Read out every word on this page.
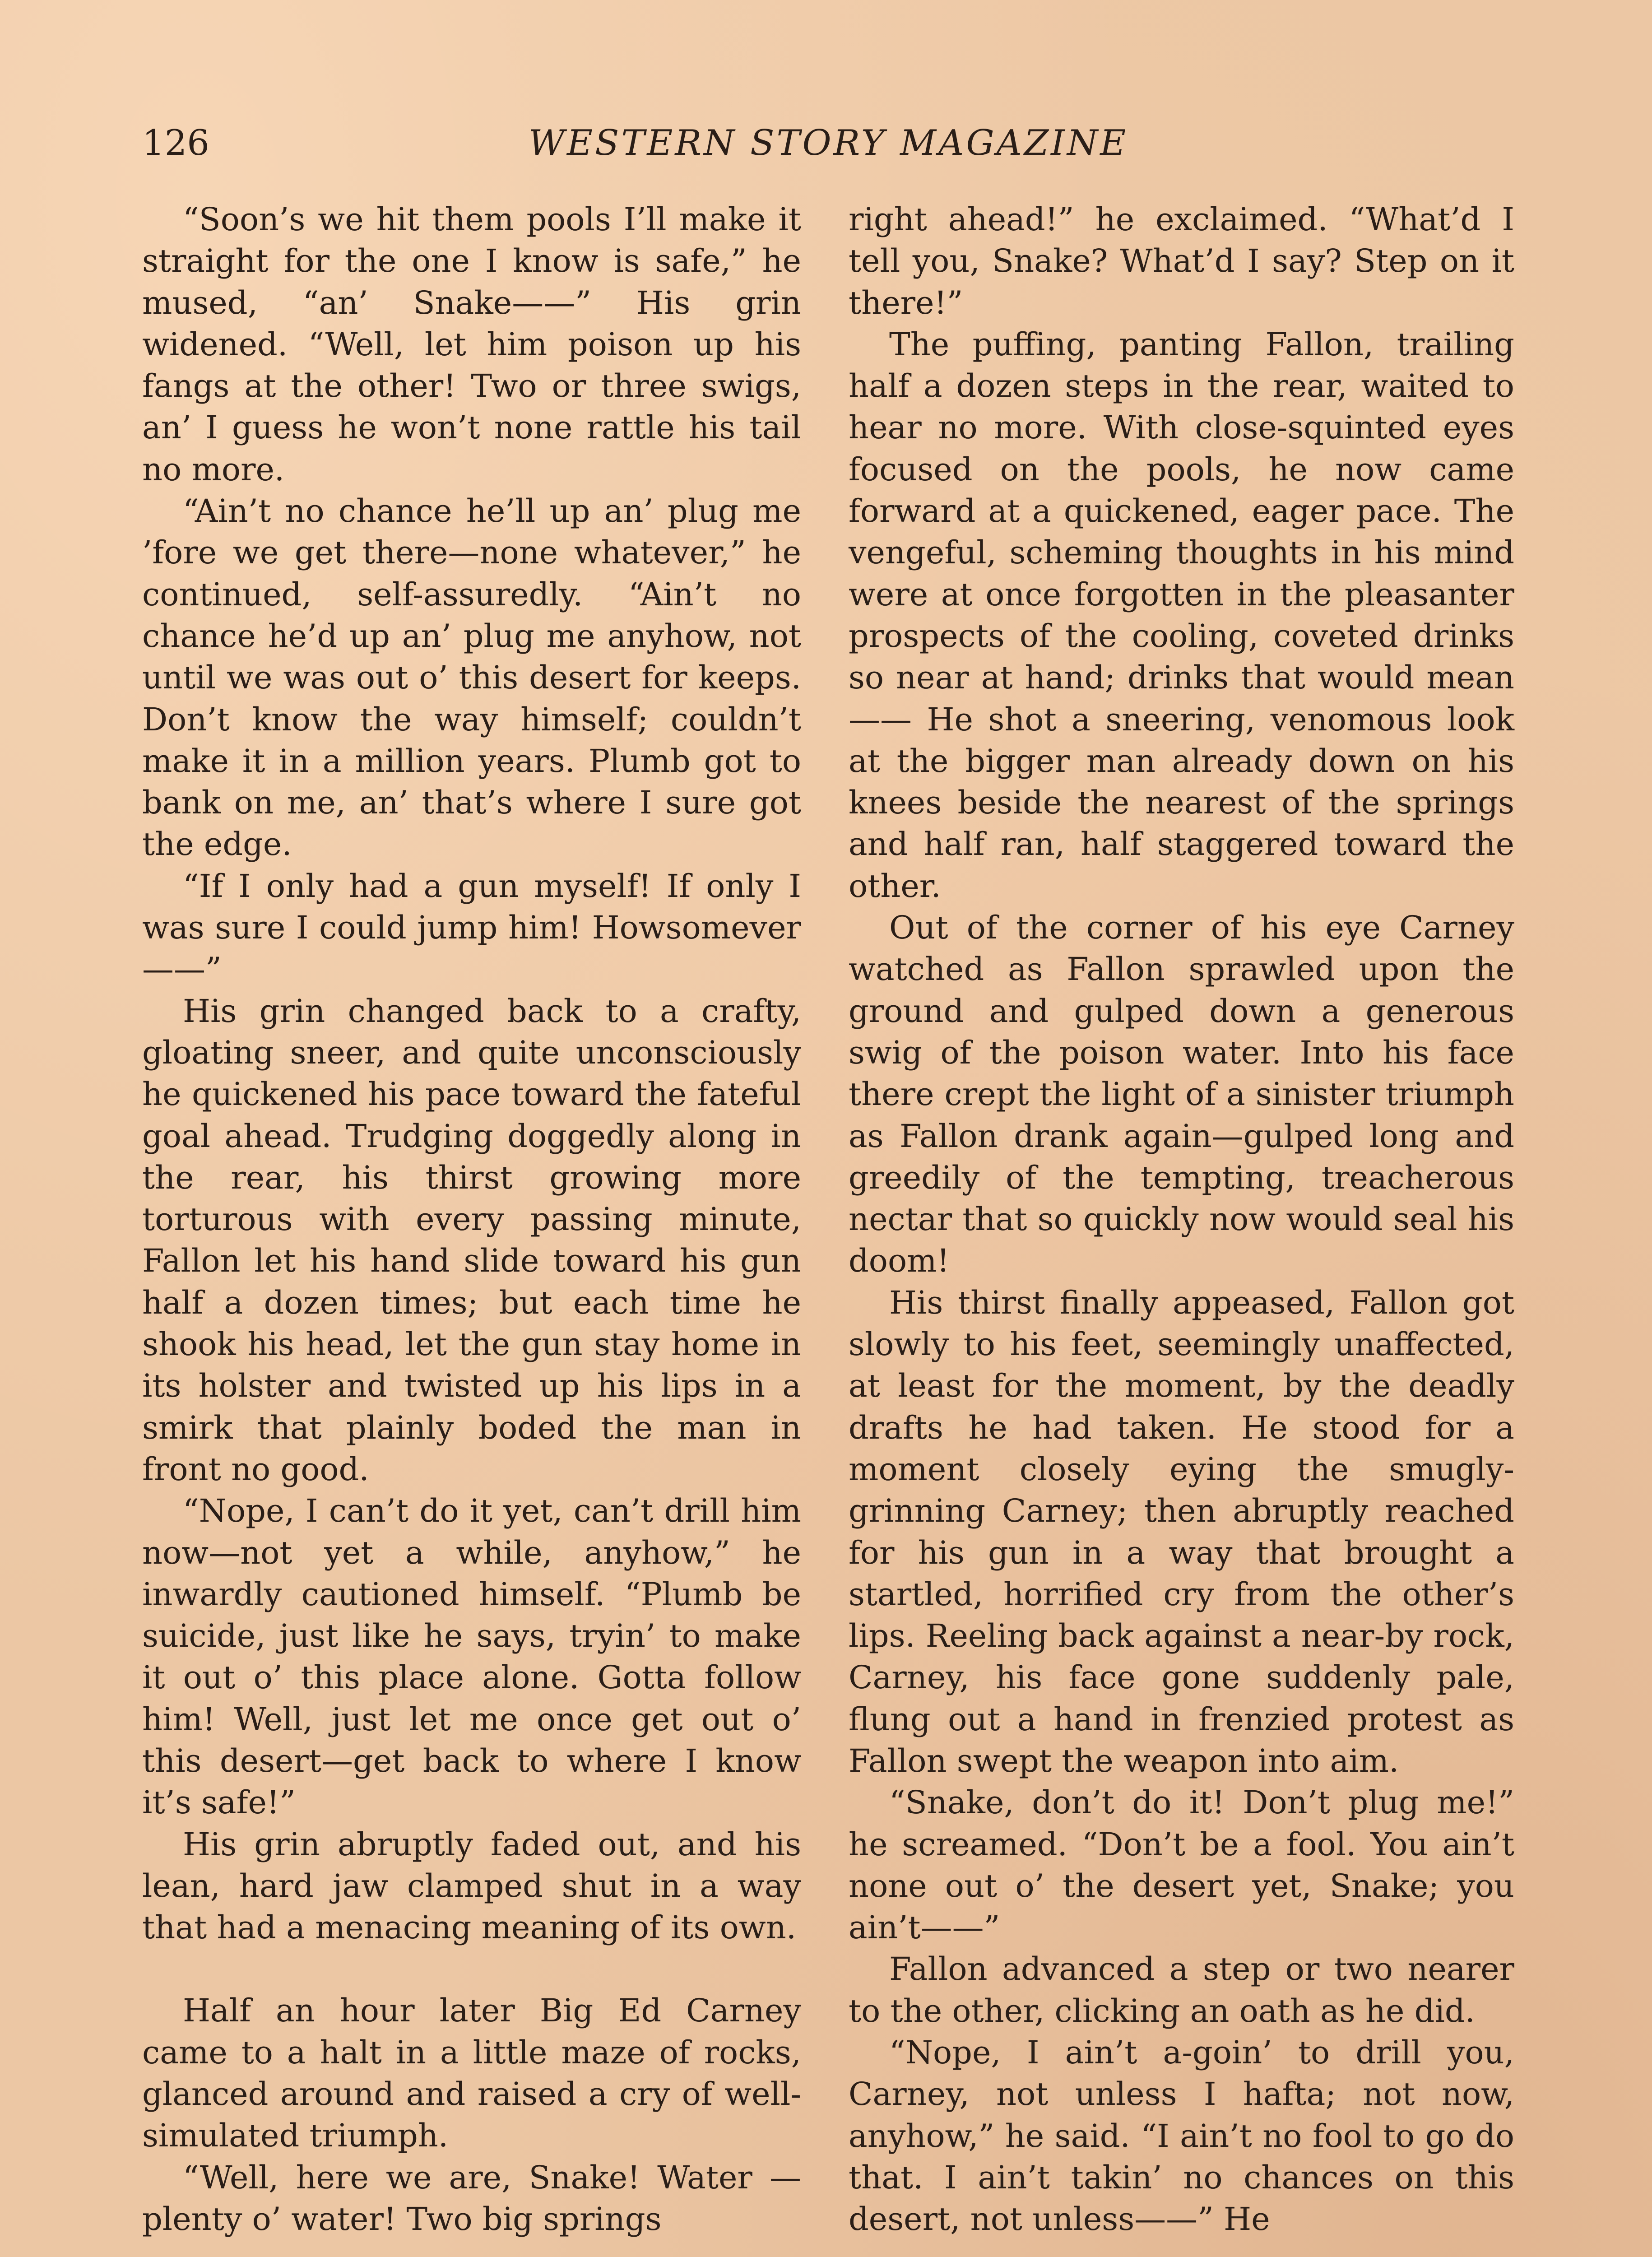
126	WESTERN STORY MAGAZINE

“Soon’s we hit them pools I’ll make it straight for the one I know is safe,” he mused, “an’ Snake——” His grin widened. “Well, let him poison up his fangs at the other! Two or three swigs, an’ I guess he won’t none rattle his tail no more.

“Ain’t no chance he’ll up an’ plug me ’fore we get there—none whatever,” he continued, self-assuredly. “Ain’t no chance he’d up an’ plug me anyhow, not until we was out o’ this desert for keeps. Don’t know the way himself; couldn’t make it in a million years. Plumb got to bank on me, an’ that’s where I sure got the edge.

“If I only had a gun myself! If only I was sure I could jump him! Howsomever——”

His grin changed back to a crafty, gloating sneer, and quite unconsciously he quickened his pace toward the fateful goal ahead. Trudging doggedly along in the rear, his thirst growing more torturous with every passing minute, Fallon let his hand slide toward his gun half a dozen times; but each time he shook his head, let the gun stay home in its holster and twisted up his lips in a smirk that plainly boded the man in front no good.

“Nope, I can’t do it yet, can’t drill him now—not yet a while, anyhow,” he inwardly cautioned himself. “Plumb be suicide, just like he says, tryin’ to make it out o’ this place alone. Gotta follow him! Well, just let me once get out o’ this desert—get back to where I know it’s safe!”

His grin abruptly faded out, and his lean, hard jaw clamped shut in a way that had a menacing meaning of its own.

Half an hour later Big Ed Carney came to a halt in a little maze of rocks, glanced around and raised a cry of well-simulated triumph.

“Well, here we are, Snake! Water —plenty o’ water! Two big springs

right ahead!” he exclaimed. “What’d I tell you, Snake? What’d I say? Step on it there!”

The puffing, panting Fallon, trailing half a dozen steps in the rear, waited to hear no more. With close-squinted eyes focused on the pools, he now came forward at a quickened, eager pace. The vengeful, scheming thoughts in his mind were at once forgotten in the pleasanter prospects of the cooling, coveted drinks so near at hand; drinks that would mean—— He shot a sneering, venomous look at the bigger man already down on his knees beside the nearest of the springs and half ran, half staggered toward the other.

Out of the corner of his eye Carney watched as Fallon sprawled upon the ground and gulped down a generous swig of the poison water. Into his face there crept the light of a sinister triumph as Fallon drank again—gulped long and greedily of the tempting, treacherous nectar that so quickly now would seal his doom!

His thirst finally appeased, Fallon got slowly to his feet, seemingly unaffected, at least for the moment, by the deadly drafts he had taken. He stood for a moment closely eying the smugly-grinning Carney; then abruptly reached for his gun in a way that brought a startled, horrified cry from the other’s lips. Reeling back against a near-by rock, Carney, his face gone suddenly pale, flung out a hand in frenzied protest as Fallon swept the weapon into aim.

“Snake, don’t do it! Don’t plug me!” he screamed. “Don’t be a fool. You ain’t none out o’ the desert yet, Snake; you ain’t——”

Fallon advanced a step or two nearer to the other, clicking an oath as he did.

“Nope, I ain’t a-goin’ to drill you, Carney, not unless I hafta; not now, anyhow,” he said. “I ain’t no fool to go do that. I ain’t takin’ no chances on this desert, not unless——” He
